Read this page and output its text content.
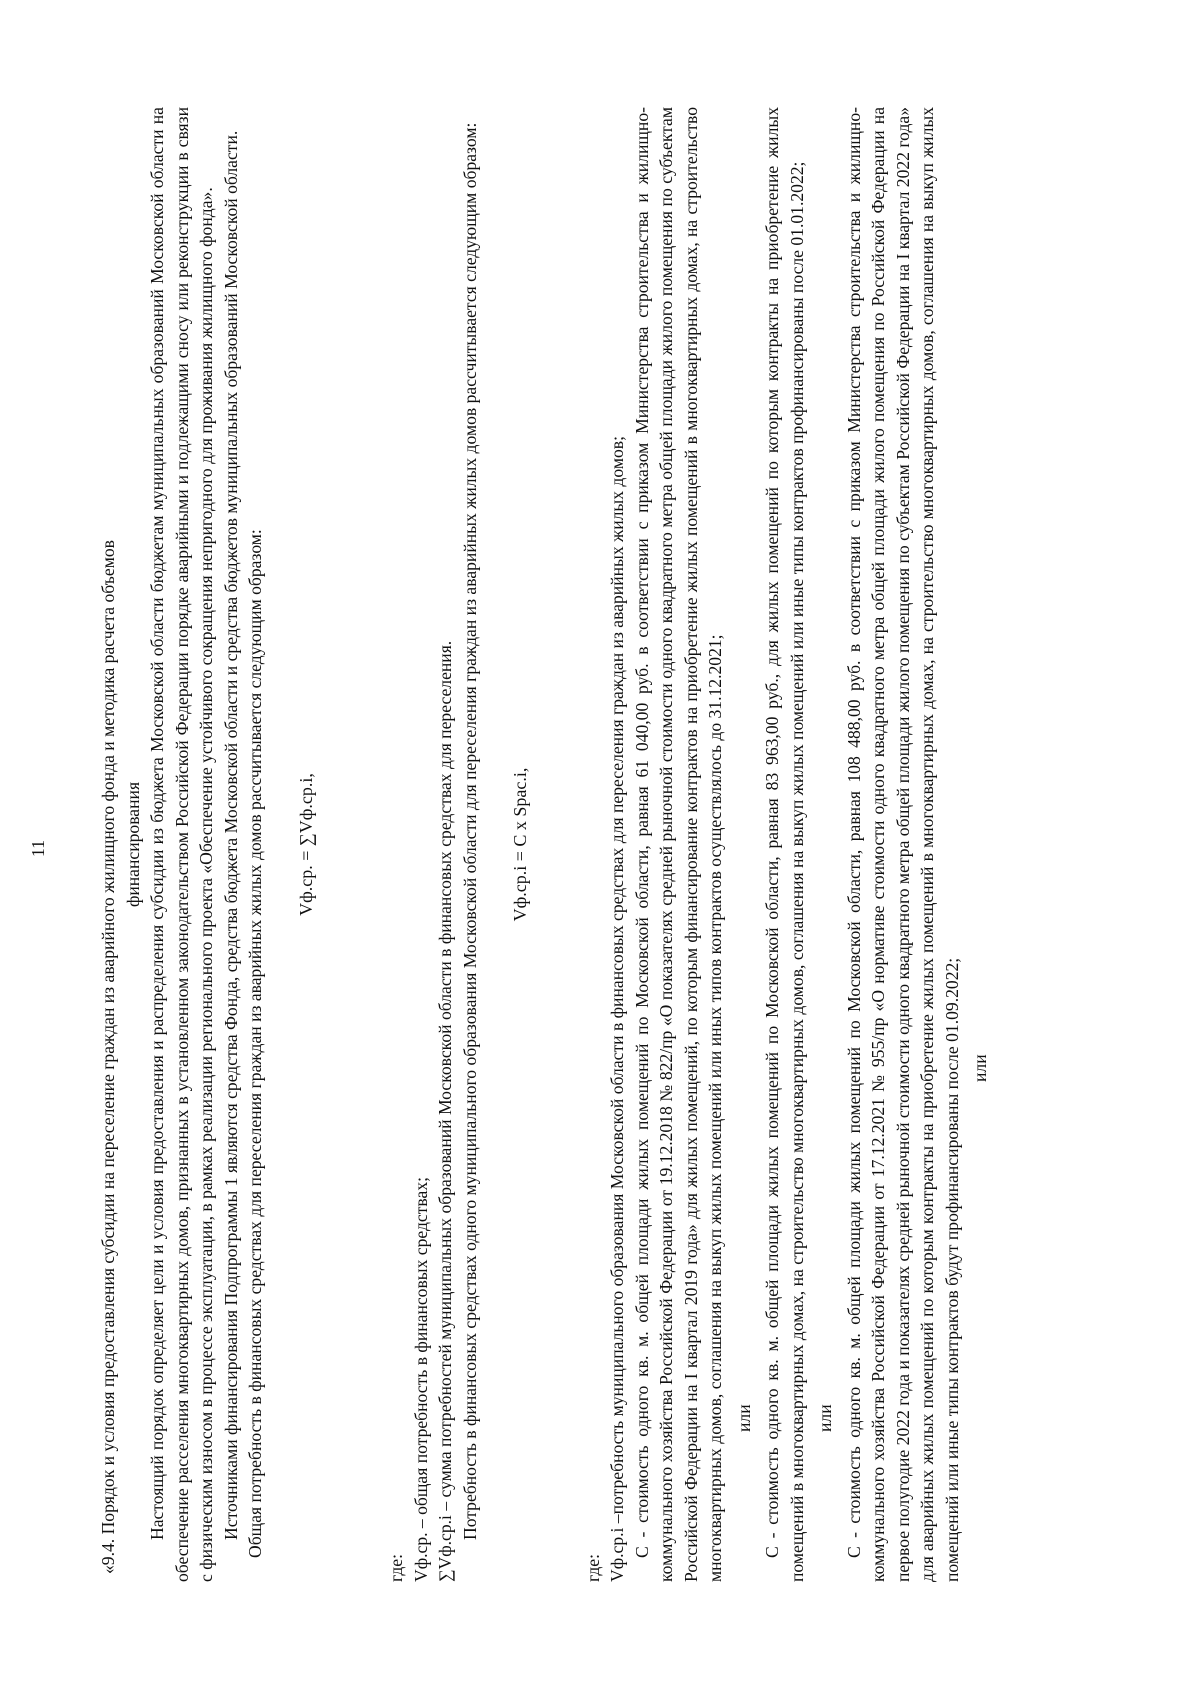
11	«9.4. Порядок и условия предоставления субсидии на переселение граждан из аварийного жилищного фонда и методика расчета объемов финансирования Настоящий порядок определяет цели и условия предоставления и распределения субсидии из бюджета Московской области бюджетам муниципальных образований Московской области на обеспечение расселения многоквартирных домов, признанных в установленном законодательством Российской Федерации порядке аварийными и подлежащими сносу или реконструкции в связи с физическим износом в процессе эксплуатации, в рамках реализации регионального проекта «Обеспечение устойчивого сокращения непригодного для проживания жилищного фонда». Источниками финансирования Подпрограммы 1 являются средства Фонда, средства бюджета Московской области и средства бюджетов муниципальных образований Московской области. Общая потребность в финансовых средствах для переселения граждан из аварийных жилых домов рассчитывается следующим образом: Vф.ср. = ∑Vф.ср.i,

где: Vф.ср. – общая потребность в финансовых средствах; ∑Vф.ср.i – сумма потребностей муниципальных образований Московской области в финансовых средствах для переселения. Потребность в финансовых средствах одного муниципального образования Московской области для переселения граждан из аварийных жилых домов рассчитывается следующим образом: Vф.ср.i = C x Spac.i,

где: Vф.ср.i –потребность муниципального образования Московской области в финансовых средствах для переселения граждан из аварийных жилых домов; C - стоимость одного кв. м. общей площади жилых помещений по Московской области, равная 61 040,00 руб. в соответствии с приказом Министерства строительства и жилищно-коммунального хозяйства Российской Федерации от 19.12.2018 № 822/пр «О показателях средней рыночной стоимости одного квадратного метра общей площади жилого помещения по субъектам Российской Федерации на I квартал 2019 года» для жилых помещений, по которым финансирование контрактов на приобретение жилых помещений в многоквартирных домах, на строительство многоквартирных домов, соглашения на выкуп жилых помещений или иных типов контрактов осуществлялось до 31.12.2021; или C - стоимость одного кв. м. общей площади жилых помещений по Московской области, равная 83 963,00 руб., для жилых помещений по которым контракты на приобретение жилых помещений в многоквартирных домах, на строительство многоквартирных домов, соглашения на выкуп жилых помещений или иные типы контрактов профинансированы после 01.01.2022; или C - стоимость одного кв. м. общей площади жилых помещений по Московской области, равная 108 488,00 руб. в соответствии с приказом Министерства строительства и жилищно-коммунального хозяйства Российской Федерации от 17.12.2021 № 955/пр «О нормативе стоимости одного квадратного метра общей площади жилого помещения по Российской Федерации на первое полугодие 2022 года и показателях средней рыночной стоимости одного квадратного метра общей площади жилого помещения по субъектам Российской Федерации на I квартал 2022 года» для аварийных жилых помещений по которым контракты на приобретение жилых помещений в многоквартирных домах, на строительство многоквартирных домов, соглашения на выкуп жилых помещений или иные типы контрактов будут профинансированы после 01.09.2022; или
